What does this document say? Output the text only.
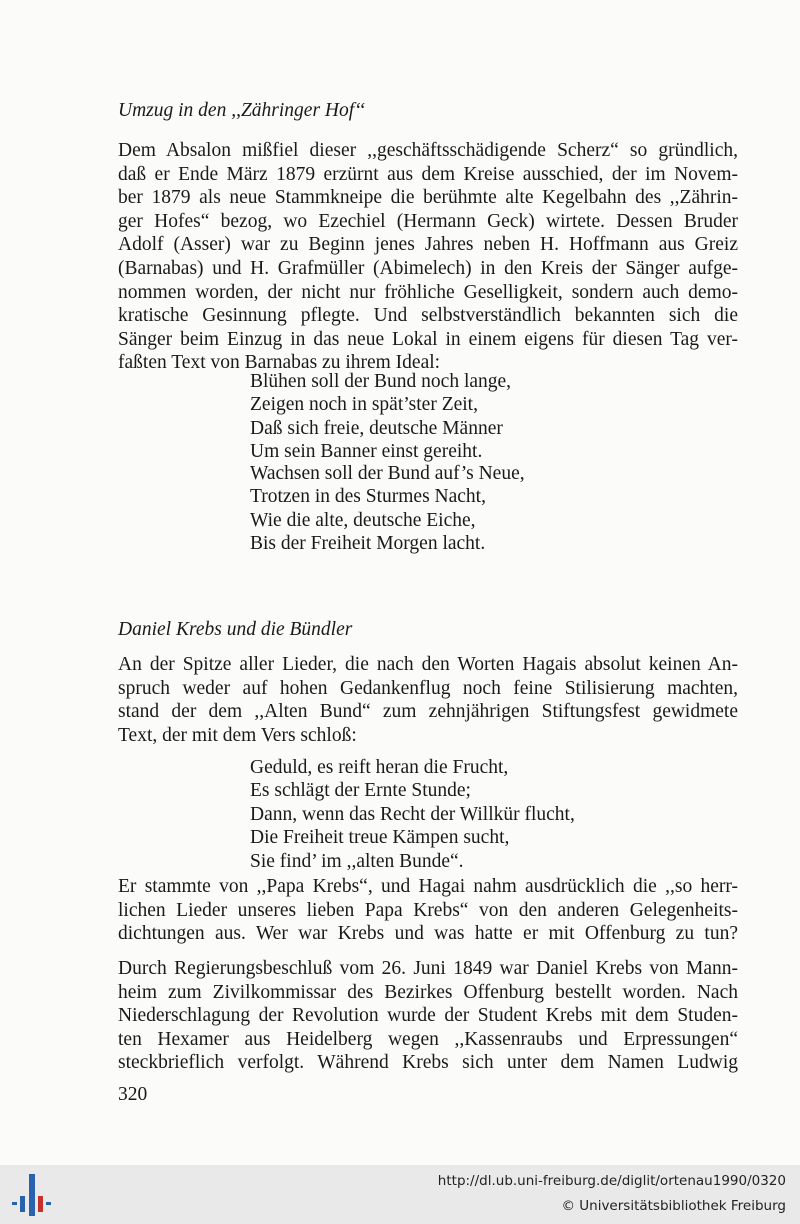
Umzug in den ,,Zähringer Hof‘‘
Dem Absalon mißfiel dieser ,,geschäftsschädigende Scherz“ so gründlich,
daß er Ende März 1879 erzürnt aus dem Kreise ausschied, der im Novem-
ber 1879 als neue Stammkneipe die berühmte alte Kegelbahn des ,,Zährin-
ger Hofes“ bezog, wo Ezechiel (Hermann Geck) wirtete. Dessen Bruder
Adolf (Asser) war zu Beginn jenes Jahres neben H. Hoffmann aus Greiz
(Barnabas) und H. Grafmüller (Abimelech) in den Kreis der Sänger aufge-
nommen worden, der nicht nur fröhliche Geselligkeit, sondern auch demo-
kratische Gesinnung pflegte. Und selbstverständlich bekannten sich die
Sänger beim Einzug in das neue Lokal in einem eigens für diesen Tag ver-
faßten Text von Barnabas zu ihrem Ideal:
Blühen soll der Bund noch lange,
Zeigen noch in spät’ster Zeit,
Daß sich freie, deutsche Männer
Um sein Banner einst gereiht.
Wachsen soll der Bund auf’s Neue,
Trotzen in des Sturmes Nacht,
Wie die alte, deutsche Eiche,
Bis der Freiheit Morgen lacht.
Daniel Krebs und die Bündler
An der Spitze aller Lieder, die nach den Worten Hagais absolut keinen An-
spruch weder auf hohen Gedankenflug noch feine Stilisierung machten,
stand der dem ,,Alten Bund“ zum zehnjährigen Stiftungsfest gewidmete
Text, der mit dem Vers schloß:
Geduld, es reift heran die Frucht,
Es schlägt der Ernte Stunde;
Dann, wenn das Recht der Willkür flucht,
Die Freiheit treue Kämpen sucht,
Sie find’ im ,,alten Bunde“.
Er stammte von ,,Papa Krebs“, und Hagai nahm ausdrücklich die ,,so herr-
lichen Lieder unseres lieben Papa Krebs“ von den anderen Gelegenheits-
dichtungen aus. Wer war Krebs und was hatte er mit Offenburg zu tun?
Durch Regierungsbeschluß vom 26. Juni 1849 war Daniel Krebs von Mann-
heim zum Zivilkommissar des Bezirkes Offenburg bestellt worden. Nach
Niederschlagung der Revolution wurde der Student Krebs mit dem Studen-
ten Hexamer aus Heidelberg wegen ,,Kassenraubs und Erpressungen“
steckbrieflich verfolgt. Während Krebs sich unter dem Namen Ludwig
320
http://dl.ub.uni-freiburg.de/diglit/ortenau1990/0320
© Universitätsbibliothek Freiburg
